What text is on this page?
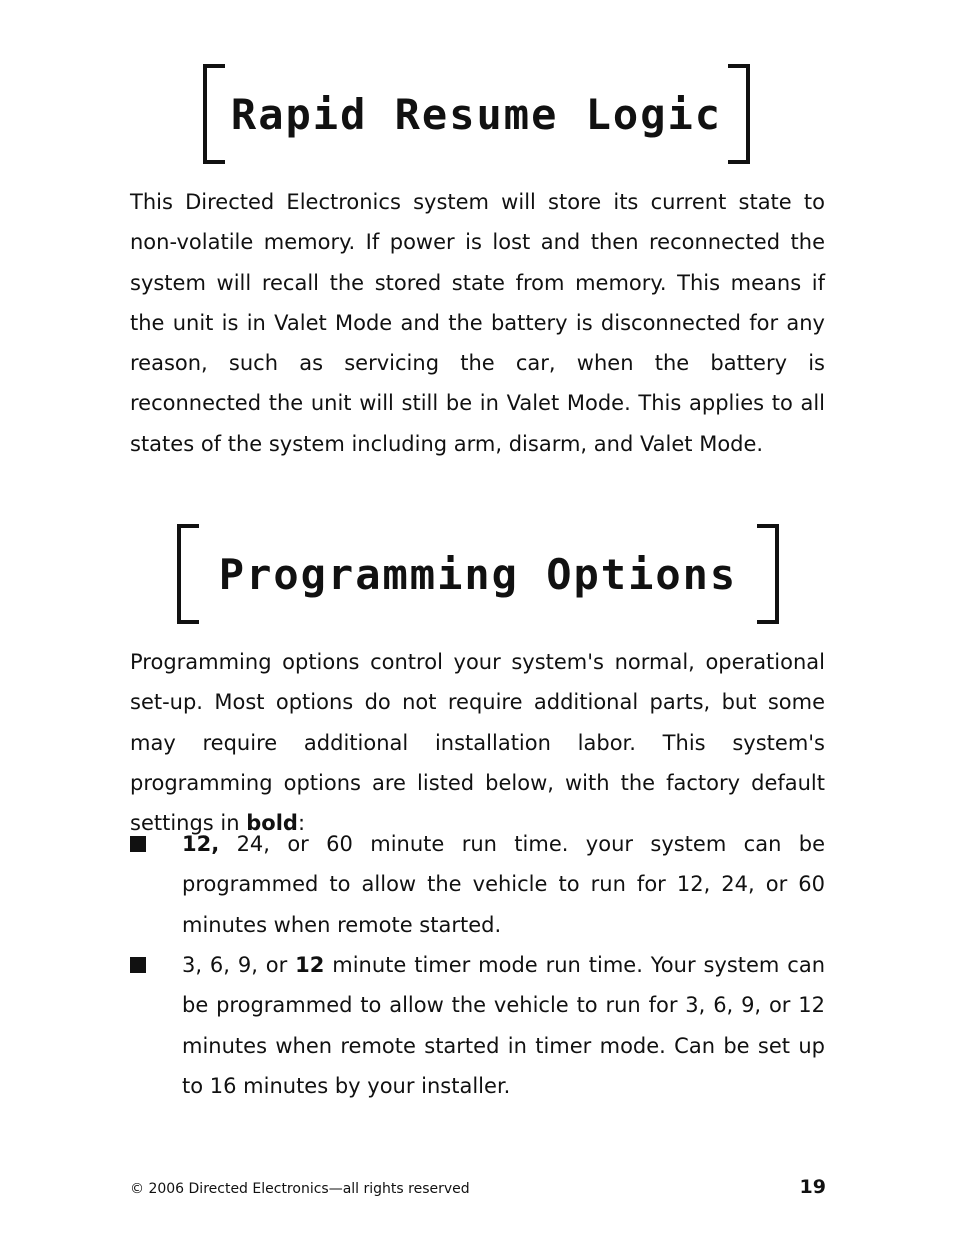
Rapid Resume Logic

This Directed Electronics system will store its current state to non-volatile memory. If power is lost and then reconnected the system will recall the stored state from memory. This means if the unit is in Valet Mode and the battery is disconnected for any reason, such as servicing the car, when the battery is reconnected the unit will still be in Valet Mode. This applies to all states of the system including arm, disarm, and Valet Mode.

Programming Options

Programming options control your system's normal, operational set-up. Most options do not require additional parts, but some may require additional installation labor. This system's programming options are listed below, with the factory default settings in bold:

12, 24, or 60 minute run time. your system can be programmed to allow the vehicle to run for 12, 24, or 60 minutes when remote started.
3, 6, 9, or 12 minute timer mode run time. Your system can be programmed to allow the vehicle to run for 3, 6, 9, or 12 minutes when remote started in timer mode. Can be set up to 16 minutes by your installer.
© 2006 Directed Electronics—all rights reserved	19
